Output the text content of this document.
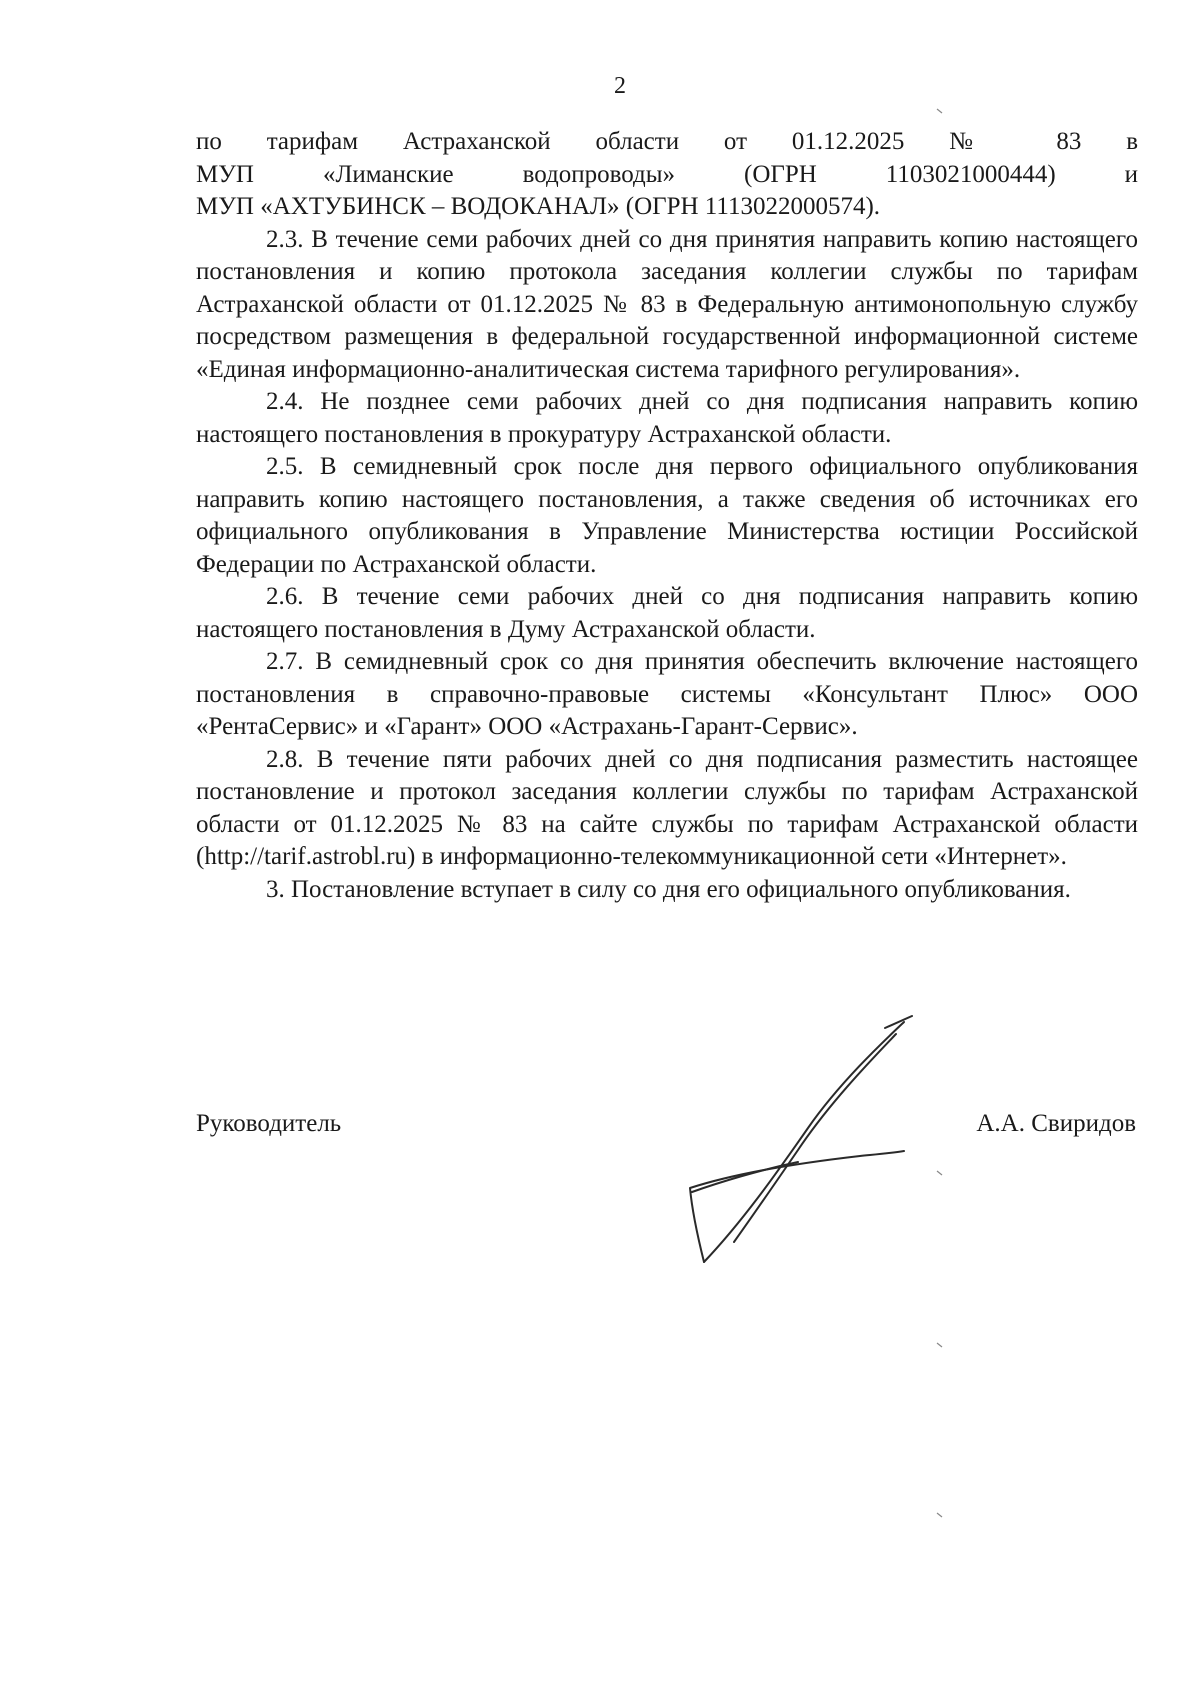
2

по тарифам Астраханской области от 01.12.2025 № 83 в

МУП «Лиманские водопроводы» (ОГРН 1103021000444) и

МУП «АХТУБИНСК – ВОДОКАНАЛ» (ОГРН 1113022000574).

2.3. В течение семи рабочих дней со дня принятия направить копию настоящего постановления и копию протокола заседания коллегии службы по тарифам Астраханской области от 01.12.2025 № 83 в Федеральную антимонопольную службу посредством размещения в федеральной государственной информационной системе «Единая информационно-аналитическая система тарифного регулирования».

2.4. Не позднее семи рабочих дней со дня подписания направить копию настоящего постановления в прокуратуру Астраханской области.

2.5. В семидневный срок после дня первого официального опубликования направить копию настоящего постановления, а также сведения об источниках его официального опубликования в Управление Министерства юстиции Российской Федерации по Астраханской области.

2.6. В течение семи рабочих дней со дня подписания направить копию настоящего постановления в Думу Астраханской области.

2.7. В семидневный срок со дня принятия обеспечить включение настоящего постановления в справочно-правовые системы «Консультант Плюс» ООО «РентаСервис» и «Гарант» ООО «Астрахань-Гарант-Сервис».

2.8. В течение пяти рабочих дней со дня подписания разместить настоящее постановление и протокол заседания коллегии службы по тарифам Астраханской области от 01.12.2025 № 83 на сайте службы по тарифам Астраханской области (http://tarif.astrobl.ru) в информационно-телекоммуникационной сети «Интернет».

3. Постановление вступает в силу со дня его официального опубликования.

Руководитель	А.А. Свиридов
